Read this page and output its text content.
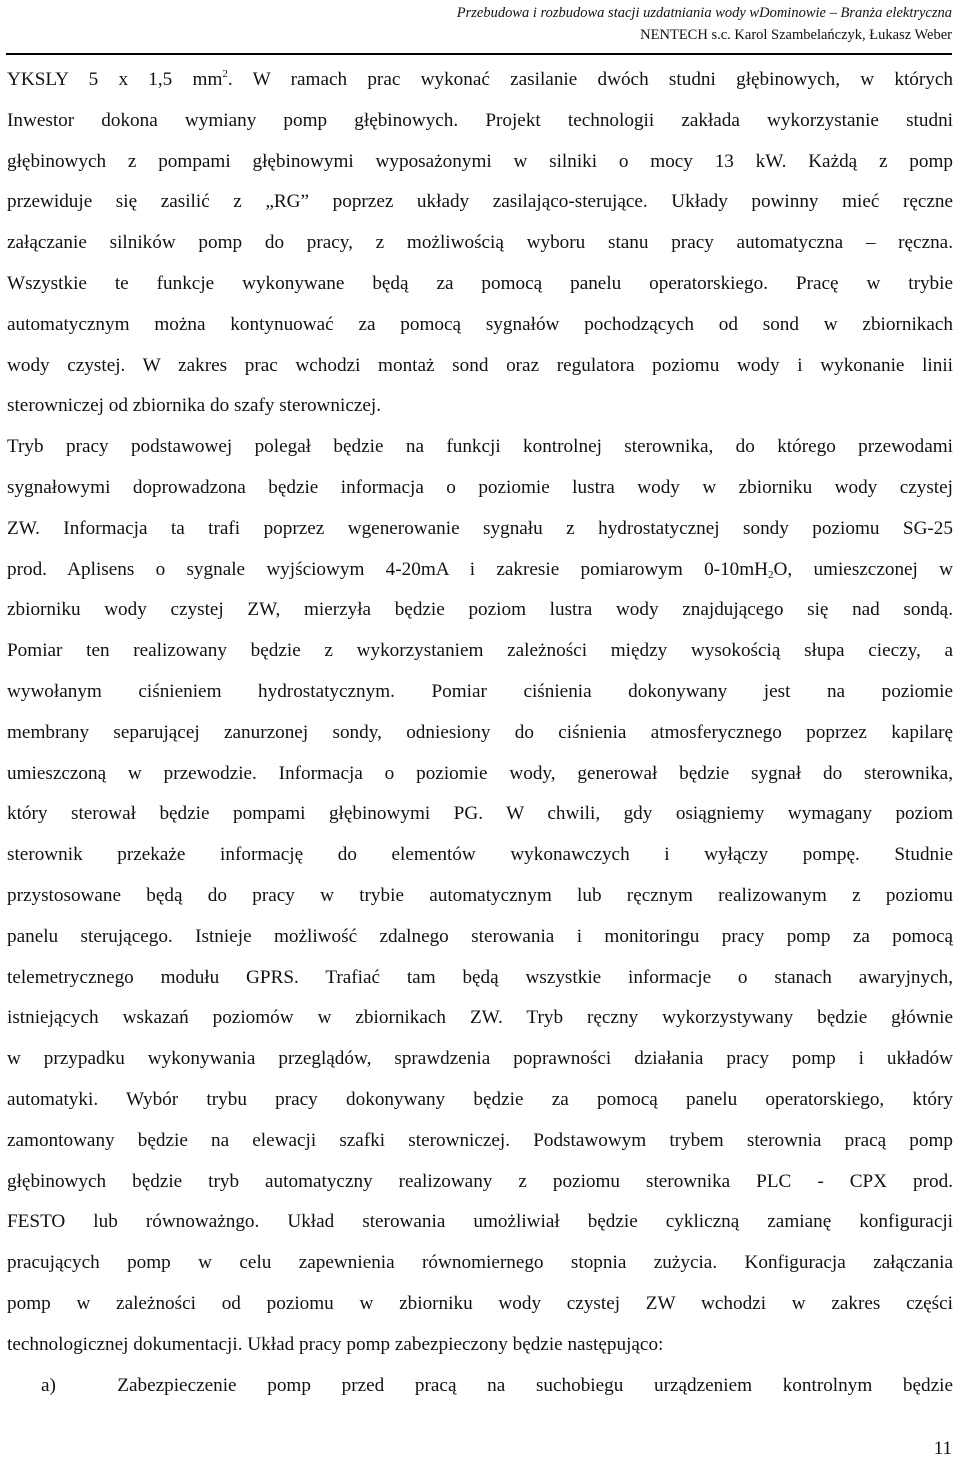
Przebudowa i rozbudowa stacji uzdatniania wody wDominowie – Branża elektryczna
NENTECH s.c. Karol Szambelańczyk, Łukasz Weber
YKSLY 5 x 1,5 $mm^2$. W ramach prac wykonać zasilanie dwóch studni głębinowych, w których
Inwestor dokona wymiany pomp głębinowych. Projekt technologii zakłada wykorzystanie studni
głębinowych z pompami głębinowymi wyposażonymi w silniki o mocy 13 kW. Każdą z pomp
przewiduje się zasilić z „RG” poprzez układy zasilająco-sterujące. Układy powinny mieć ręczne
załączanie silników pomp do pracy, z możliwością wyboru stanu pracy automatyczna – ręczna.
Wszystkie te funkcje wykonywane będą za pomocą panelu operatorskiego. Pracę w trybie
automatycznym można kontynuować za pomocą sygnałów pochodzących od sond w zbiornikach
wody czystej. W zakres prac wchodzi montaż sond oraz regulatora poziomu wody i wykonanie linii
sterowniczej od zbiornika do szafy sterowniczej.
Tryb pracy podstawowej polegał będzie na funkcji kontrolnej sterownika, do którego przewodami
sygnałowymi doprowadzona będzie informacja o poziomie lustra wody w zbiorniku wody czystej
ZW. Informacja ta trafi poprzez wgenerowanie sygnału z hydrostatycznej sondy poziomu SG-25
prod. Aplisens o sygnale wyjściowym 4-20mA i zakresie pomiarowym $0-10mH_2O$, umieszczonej w
zbiorniku wody czystej ZW, mierzyła będzie poziom lustra wody znajdującego się nad sondą.
Pomiar ten realizowany będzie z wykorzystaniem zależności między wysokością słupa cieczy, a
wywołanym ciśnieniem hydrostatycznym. Pomiar ciśnienia dokonywany jest na poziomie
membrany separującej zanurzonej sondy, odniesiony do ciśnienia atmosferycznego poprzez kapilarę
umieszczoną w przewodzie. Informacja o poziomie wody, generował będzie sygnał do sterownika,
który sterował będzie pompami głębinowymi PG. W chwili, gdy osiągniemy wymagany poziom
sterownik przekaże informację do elementów wykonawczych i wyłączy pompę. Studnie
przystosowane będą do pracy w trybie automatycznym lub ręcznym realizowanym z poziomu
panelu sterującego. Istnieje możliwość zdalnego sterowania i monitoringu pracy pomp za pomocą
telemetrycznego modułu GPRS. Trafiać tam będą wszystkie informacje o stanach awaryjnych,
istniejących wskazań poziomów w zbiornikach ZW. Tryb ręczny wykorzystywany będzie głównie
w przypadku wykonywania przeglądów, sprawdzenia poprawności działania pracy pomp i układów
automatyki. Wybór trybu pracy dokonywany będzie za pomocą panelu operatorskiego, który
zamontowany będzie na elewacji szafki sterowniczej. Podstawowym trybem sterownia pracą pomp
głębinowych będzie tryb automatyczny realizowany z poziomu sterownika PLC - CPX prod.
FESTO lub równoważngo. Układ sterowania umożliwiał będzie cykliczną zamianę konfiguracji
pracujących pomp w celu zapewnienia równomiernego stopnia zużycia. Konfiguracja załączania
pomp w zależności od poziomu w zbiorniku wody czystej ZW wchodzi w zakres części
technologicznej dokumentacji. Układ pracy pomp zabezpieczony będzie następująco:
a)  Zabezpieczenie pomp przed pracą na suchobiegu urządzeniem kontrolnym będzie
11
